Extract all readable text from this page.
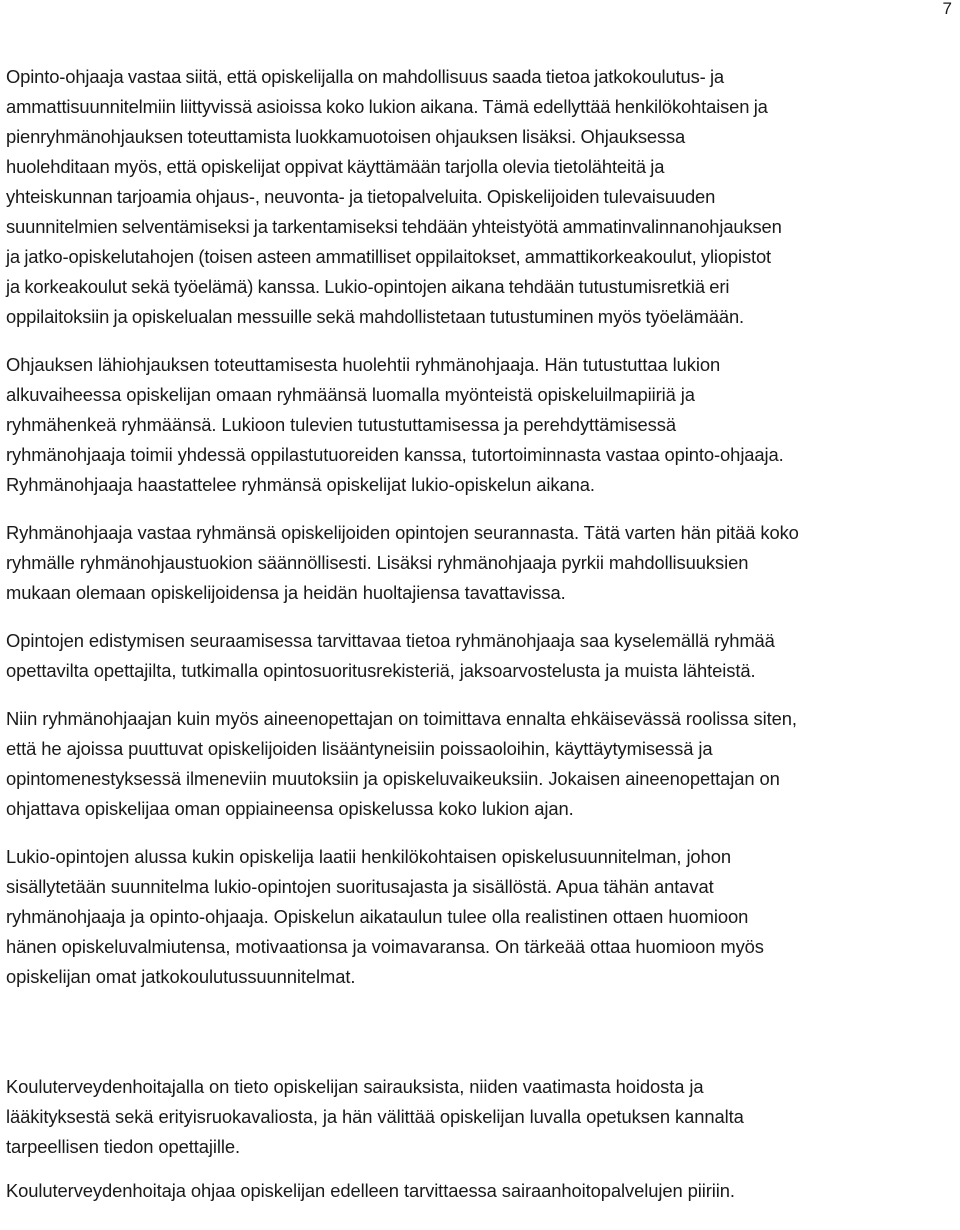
7

Opinto-ohjaaja vastaa siitä, että opiskelijalla on mahdollisuus saada tietoa jatkokoulutus- ja
ammattisuunnitelmiin liittyvissä asioissa koko lukion aikana. Tämä edellyttää henkilökohtaisen ja
pienryhmänohjauksen toteuttamista luokkamuotoisen ohjauksen lisäksi. Ohjauksessa
huolehditaan myös, että opiskelijat oppivat käyttämään tarjolla olevia tietolähteitä ja
yhteiskunnan tarjoamia ohjaus-, neuvonta- ja tietopalveluita. Opiskelijoiden tulevaisuuden
suunnitelmien selventämiseksi ja tarkentamiseksi tehdään yhteistyötä ammatinvalinnanohjauksen
ja jatko-opiskelutahojen (toisen asteen ammatilliset oppilaitokset, ammattikorkeakoulut, yliopistot
ja korkeakoulut sekä työelämä) kanssa. Lukio-opintojen aikana tehdään tutustumisretkiä eri
oppilaitoksiin ja opiskelualan messuille sekä mahdollistetaan tutustuminen myös työelämään.

Ohjauksen lähiohjauksen toteuttamisesta huolehtii ryhmänohjaaja. Hän tutustuttaa lukion
alkuvaiheessa opiskelijan omaan ryhmäänsä luomalla myönteistä opiskeluilmapiiriä ja
ryhmähenkeä ryhmäänsä. Lukioon tulevien tutustuttamisessa ja perehdyttämisessä
ryhmänohjaaja toimii yhdessä oppilastutuoreiden kanssa, tutortoiminnasta vastaa opinto-ohjaaja.
Ryhmänohjaaja haastattelee ryhmänsä opiskelijat lukio-opiskelun aikana.

Ryhmänohjaaja vastaa ryhmänsä opiskelijoiden opintojen seurannasta. Tätä varten hän pitää koko
ryhmälle ryhmänohjaustuokion säännöllisesti. Lisäksi ryhmänohjaaja pyrkii mahdollisuuksien
mukaan olemaan opiskelijoidensa ja heidän huoltajiensa tavattavissa.

Opintojen edistymisen seuraamisessa tarvittavaa tietoa ryhmänohjaaja saa kyselemällä ryhmää
opettavilta opettajilta, tutkimalla opintosuoritusrekisteriä, jaksoarvostelusta ja muista lähteistä.

Niin ryhmänohjaajan kuin myös aineenopettajan on toimittava ennalta ehkäisevässä roolissa siten,
että he ajoissa puuttuvat opiskelijoiden lisääntyneisiin poissaoloihin, käyttäytymisessä ja
opintomenestyksessä ilmeneviin muutoksiin ja opiskeluvaikeuksiin. Jokaisen aineenopettajan on
ohjattava opiskelijaa oman oppiaineensa opiskelussa koko lukion ajan.

Lukio-opintojen alussa kukin opiskelija laatii henkilökohtaisen opiskelusuunnitelman, johon
sisällytetään suunnitelma lukio-opintojen suoritusajasta ja sisällöstä. Apua tähän antavat
ryhmänohjaaja ja opinto-ohjaaja. Opiskelun aikataulun tulee olla realistinen ottaen huomioon
hänen opiskeluvalmiutensa, motivaationsa ja voimavaransa. On tärkeää ottaa huomioon myös
opiskelijan omat jatkokoulutussuunnitelmat.

Kouluterveydenhoitajalla on tieto opiskelijan sairauksista, niiden vaatimasta hoidosta ja
lääkityksestä sekä erityisruokavaliosta, ja hän välittää opiskelijan luvalla opetuksen kannalta
tarpeellisen tiedon opettajille.

Kouluterveydenhoitaja ohjaa opiskelijan edelleen tarvittaessa sairaanhoitopalvelujen piiriin.
